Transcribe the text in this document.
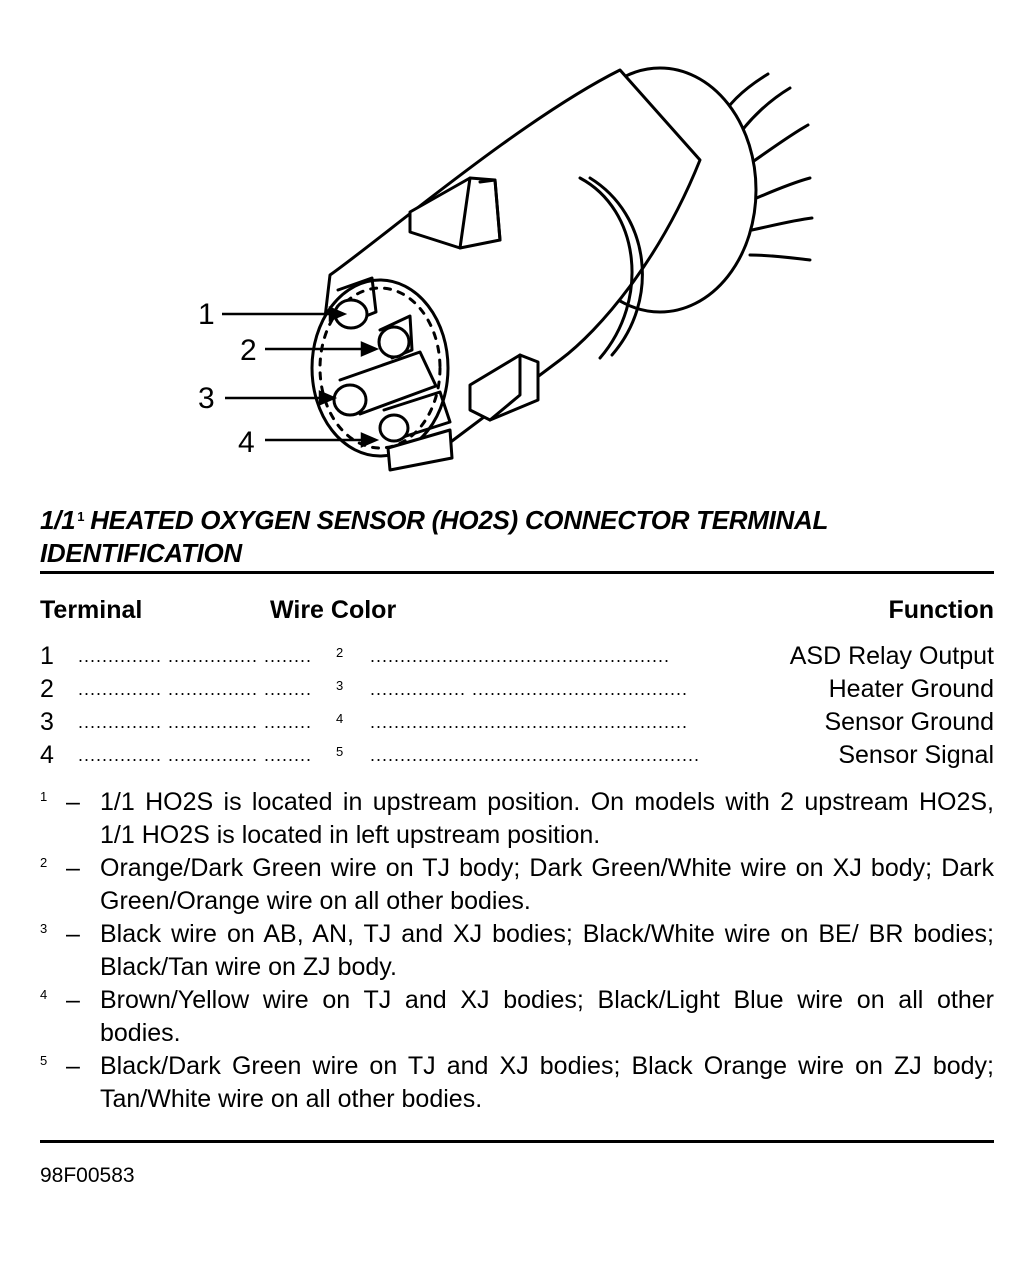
1
2
3
4
1/1 $^1$ HEATED OXYGEN SENSOR (HO2S) CONNECTOR TERMINAL IDENTIFICATION
Terminal	Wire Color	Function
1 .............. ............... ........	2 ..................................................	ASD Relay Output
2 .............. ............... ........	3 ................ ....................................	Heater Ground
3 .............. ............... ........	4 .....................................................	Sensor Ground
4 .............. ............... ........	5 .......................................................	Sensor Signal
1 – 1/1 HO2S is located in upstream position. On models with 2 upstream HO2S, 1/1 HO2S is located in left upstream position.
2 – Orange/Dark Green wire on TJ body; Dark Green/White wire on XJ body; Dark Green/Orange wire on all other bodies.
3 – Black wire on AB, AN, TJ and XJ bodies; Black/White wire on BE/ BR bodies; Black/Tan wire on ZJ body.
4 – Brown/Yellow wire on TJ and XJ bodies; Black/Light Blue wire on all other bodies.
5 – Black/Dark Green wire on TJ and XJ bodies; Black Orange wire on ZJ body; Tan/White wire on all other bodies.
98F00583
